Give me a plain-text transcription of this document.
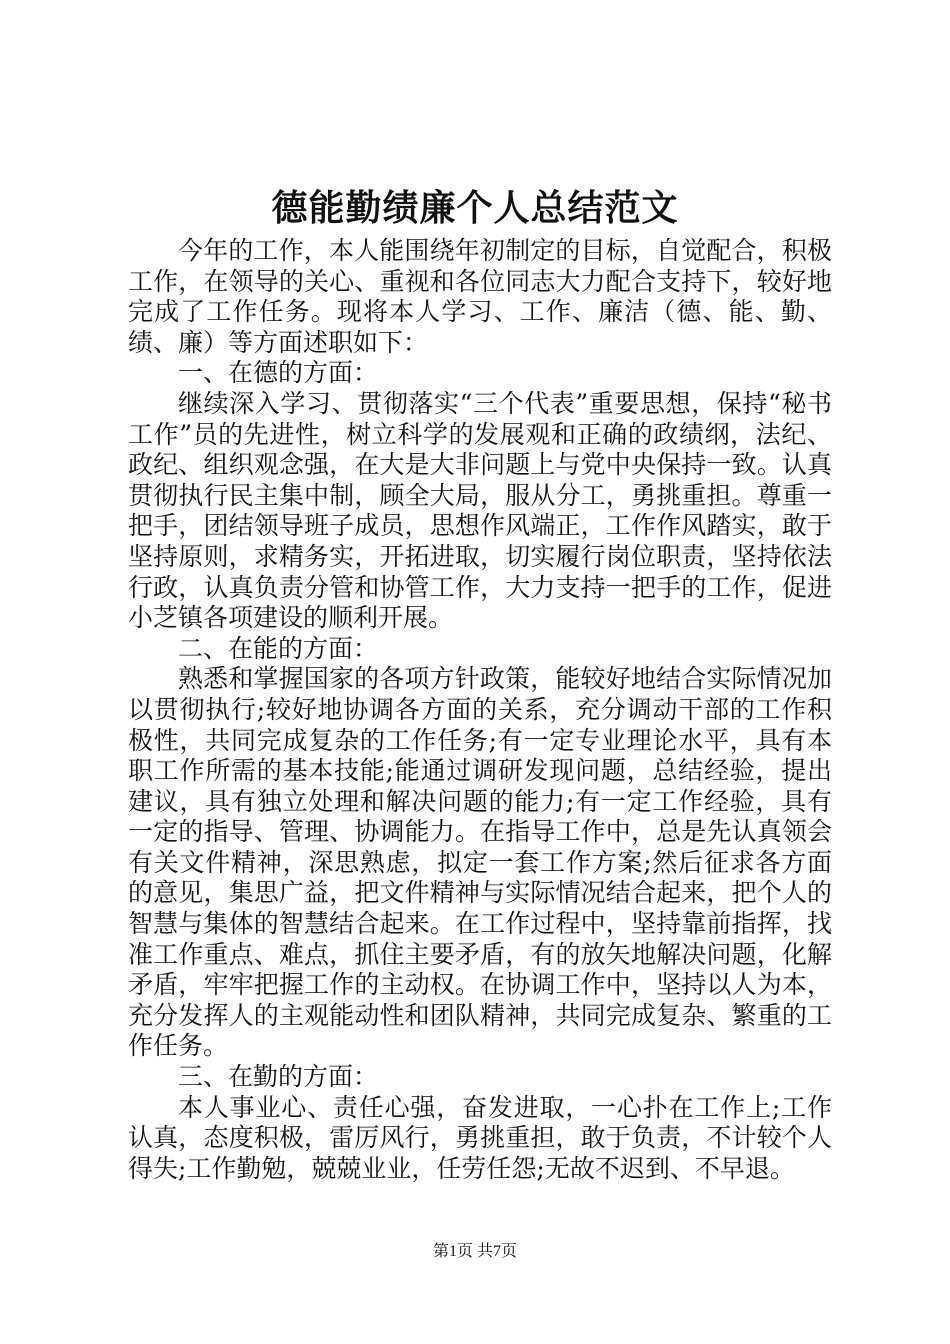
德能勤绩廉个人总结范文

今年的工作，本人能围绕年初制定的目标，自觉配合，积极工作，在领导的关心、重视和各位同志大力配合支持下，较好地完成了工作任务。现将本人学习、工作、廉洁（德、能、勤、绩、廉）等方面述职如下：

一、在德的方面：

继续深入学习、贯彻落实“三个代表”重要思想，保持“秘书工作”员的先进性，树立科学的发展观和正确的政绩纲，法纪、政纪、组织观念强，在大是大非问题上与党中央保持一致。认真贯彻执行民主集中制，顾全大局，服从分工，勇挑重担。尊重一把手，团结领导班子成员，思想作风端正，工作作风踏实，敢于坚持原则，求精务实，开拓进取，切实履行岗位职责，坚持依法行政，认真负责分管和协管工作，大力支持一把手的工作，促进小芝镇各项建设的顺利开展。

二、在能的方面：

熟悉和掌握国家的各项方针政策，能较好地结合实际情况加以贯彻执行;较好地协调各方面的关系，充分调动干部的工作积极性，共同完成复杂的工作任务;有一定专业理论水平，具有本职工作所需的基本技能;能通过调研发现问题，总结经验，提出建议，具有独立处理和解决问题的能力;有一定工作经验，具有一定的指导、管理、协调能力。在指导工作中，总是先认真领会有关文件精神，深思熟虑，拟定一套工作方案;然后征求各方面的意见，集思广益，把文件精神与实际情况结合起来，把个人的智慧与集体的智慧结合起来。在工作过程中，坚持靠前指挥，找准工作重点、难点，抓住主要矛盾，有的放矢地解决问题，化解矛盾，牢牢把握工作的主动权。在协调工作中，坚持以人为本，充分发挥人的主观能动性和团队精神，共同完成复杂、繁重的工作任务。

三、在勤的方面：

本人事业心、责任心强，奋发进取，一心扑在工作上;工作认真，态度积极，雷厉风行，勇挑重担，敢于负责，不计较个人得失;工作勤勉，兢兢业业，任劳任怨;无故不迟到、不早退。

第1页 共7页
